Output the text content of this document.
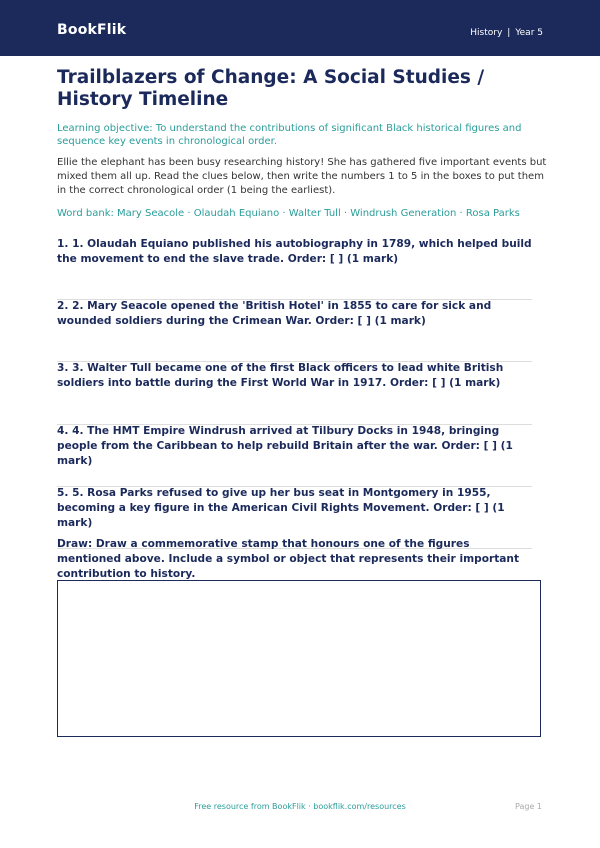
BookFlik	History | Year 5
Trailblazers of Change: A Social Studies / History Timeline
Learning objective: To understand the contributions of significant Black historical figures and sequence key events in chronological order.
Ellie the elephant has been busy researching history! She has gathered five important events but mixed them all up. Read the clues below, then write the numbers 1 to 5 in the boxes to put them in the correct chronological order (1 being the earliest).
Word bank: Mary Seacole · Olaudah Equiano · Walter Tull · Windrush Generation · Rosa Parks
1. 1. Olaudah Equiano published his autobiography in 1789, which helped build the movement to end the slave trade. Order: [ ] (1 mark)
2. 2. Mary Seacole opened the 'British Hotel' in 1855 to care for sick and wounded soldiers during the Crimean War. Order: [ ] (1 mark)
3. 3. Walter Tull became one of the first Black officers to lead white British soldiers into battle during the First World War in 1917. Order: [ ] (1 mark)
4. 4. The HMT Empire Windrush arrived at Tilbury Docks in 1948, bringing people from the Caribbean to help rebuild Britain after the war. Order: [ ] (1 mark)
5. 5. Rosa Parks refused to give up her bus seat in Montgomery in 1955, becoming a key figure in the American Civil Rights Movement. Order: [ ] (1 mark)
Draw: Draw a commemorative stamp that honours one of the figures mentioned above. Include a symbol or object that represents their important contribution to history.
Free resource from BookFlik · bookflik.com/resources	Page 1
